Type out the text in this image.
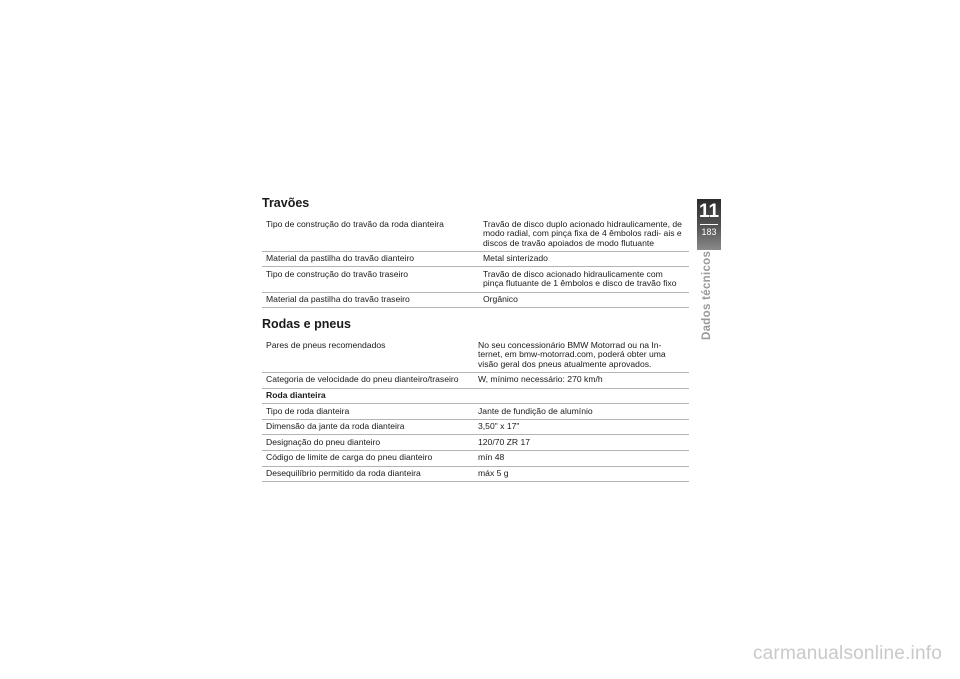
Travões
Tipo de construção do travão da roda dianteira	Travão de disco duplo acionado hidraulicamente, de modo radial, com pinça fixa de 4 êmbolos radi- ais e discos de travão apoiados de modo flutuante
Material da pastilha do travão dianteiro	Metal sinterizado
Tipo de construção do travão traseiro	Travão de disco acionado hidraulicamente com pinça flutuante de 1 êmbolos e disco de travão fixo
Material da pastilha do travão traseiro	Orgânico
Rodas e pneus
Pares de pneus recomendados	No seu concessionário BMW Motorrad ou na In- ternet, em bmw-motorrad.com, poderá obter uma visão geral dos pneus atualmente aprovados.
Categoria de velocidade do pneu dianteiro/traseiro	W, mínimo necessário: 270 km/h
Roda dianteira	
Tipo de roda dianteira	Jante de fundição de alumínio
Dimensão da jante da roda dianteira	3,50" x 17"
Designação do pneu dianteiro	120/70 ZR 17
Código de limite de carga do pneu dianteiro	mín 48
Desequilíbrio permitido da roda dianteira	máx 5 g
11
183
Dados técnicos
carmanualsonline.info
